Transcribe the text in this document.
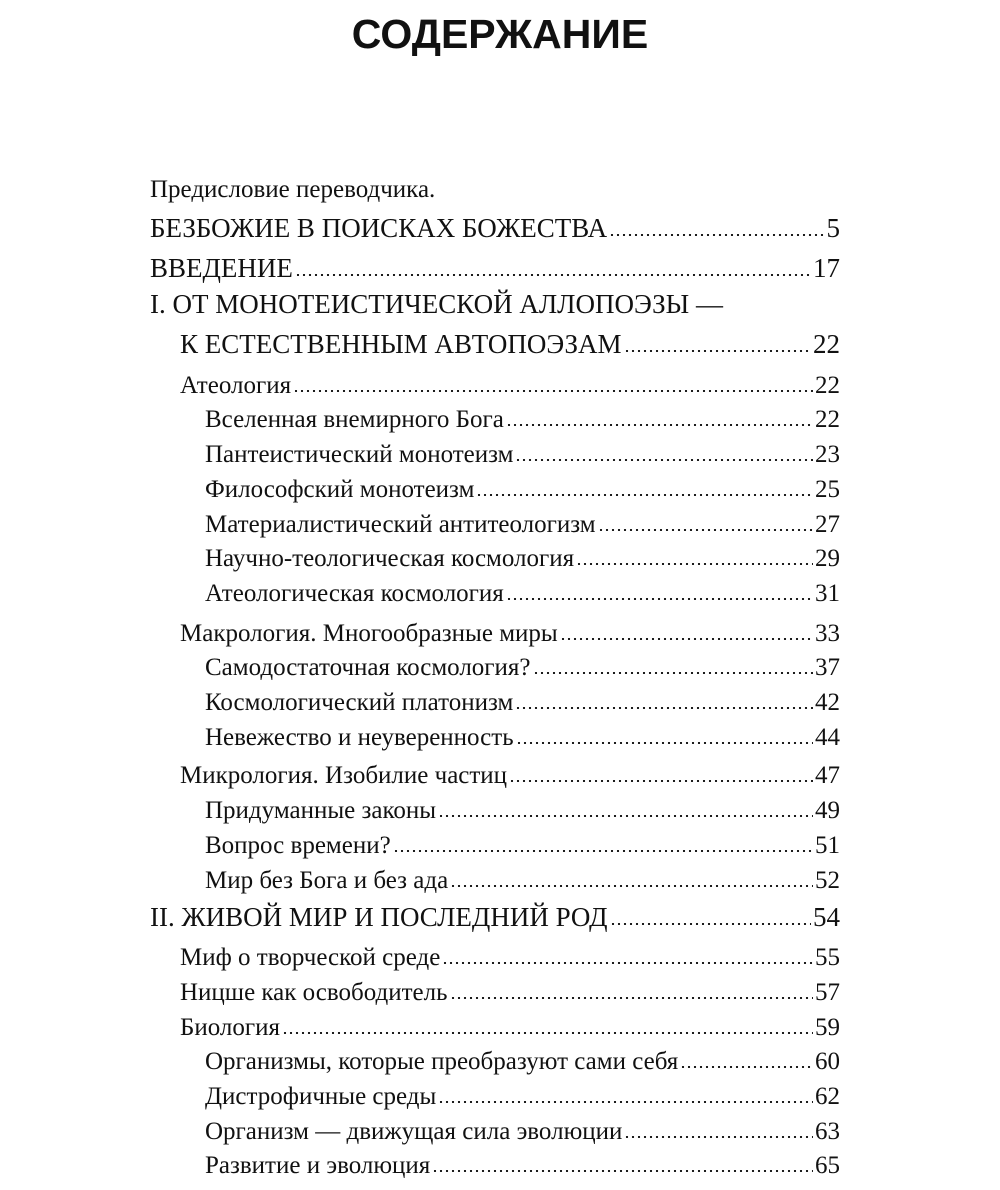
СОДЕРЖАНИЕ
Предисловие переводчика.
БЕЗБОЖИЕ В ПОИСКАХ БОЖЕСТВА	5
ВВЕДЕНИЕ	17
I. ОТ МОНОТЕИСТИЧЕСКОЙ АЛЛОПОЭЗЫ —
К ЕСТЕСТВЕННЫМ АВТОПОЭЗАМ	22
Атеология	22
Вселенная внемирного Бога	22
Пантеистический монотеизм	23
Философский монотеизм	25
Материалистический антитеологизм	27
Научно-теологическая космология	29
Атеологическая космология	31
Макрология. Многообразные миры	33
Самодостаточная космология?	37
Космологический платонизм	42
Невежество и неуверенность	44
Микрология. Изобилие частиц	47
Придуманные законы	49
Вопрос времени?	51
Мир без Бога и без ада	52
II. ЖИВОЙ МИР И ПОСЛЕДНИЙ РОД	54
Миф о творческой среде	55
Ницше как освободитель	57
Биология	59
Организмы, которые преобразуют сами себя	60
Дистрофичные среды	62
Организм — движущая сила эволюции	63
Развитие и эволюция	65
